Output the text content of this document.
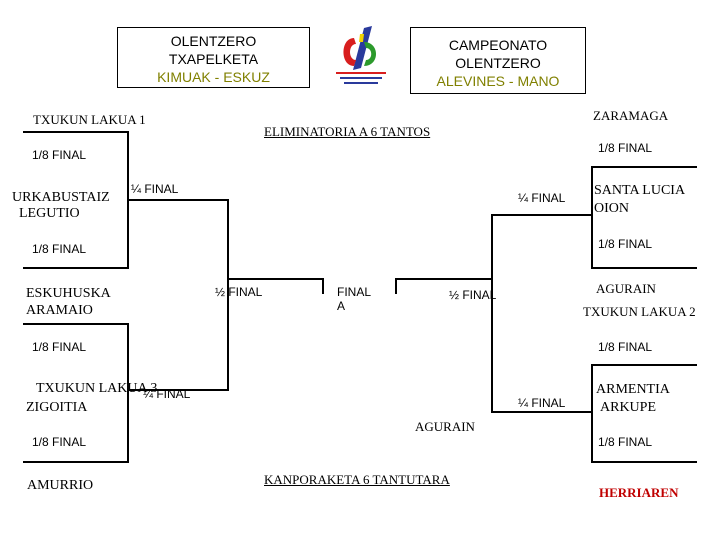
OLENTZERO
TXAPELKETA
KIMUAK - ESKUZ
CAMPEONATO
OLENTZERO
ALEVINES - MANO
ELIMINATORIA A 6 TANTOS
KANPORAKETA 6 TANTUTARA
TXUKUN LAKUA 1
URKABUSTAIZ
LEGUTIO
ESKUHUSKA
ARAMAIO
TXUKUN LAKUA 3
ZIGOITIA
AMURRIO
ZARAMAGA
SANTA LUCIA
OION
AGURAIN
TXUKUN LAKUA 2
ARMENTIA
ARKUPE
HERRIAREN
1/8 FINAL
1/8 FINAL
1/8 FINAL
1/8 FINAL
¼ FINAL
¼ FINAL
½ FINAL	FINAL
A
1/8 FINAL
1/8 FINAL
1/8 FINAL
1/8 FINAL
¼ FINAL
¼ FINAL
½ FINAL
AGURAIN
